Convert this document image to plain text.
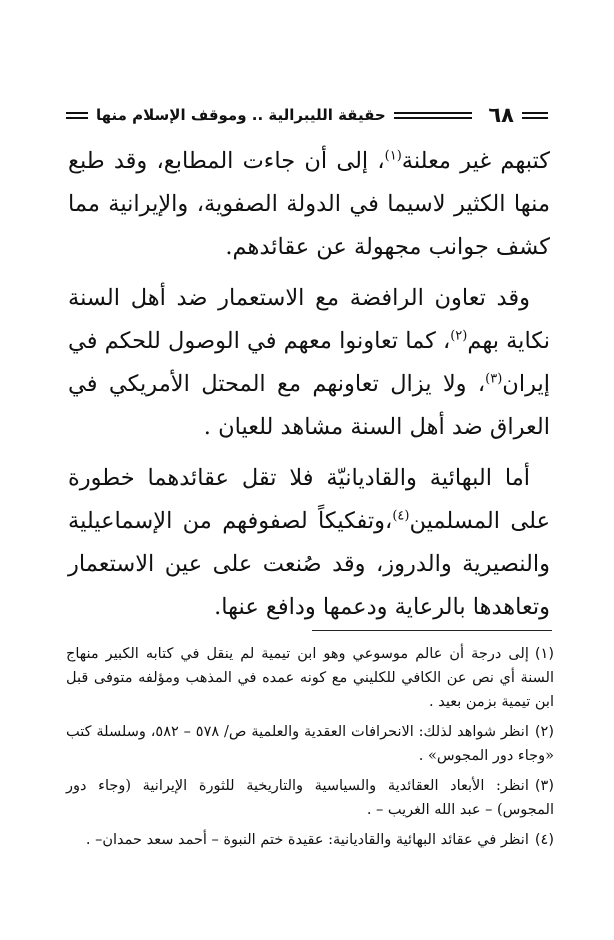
٦٨
حقيقة الليبرالية .. وموقف الإسلام منها

كتبهم غير معلنة$^{(١)}$، إلى أن جاءت المطابع، وقد طبع منها الكثير لاسيما في الدولة الصفوية، والإيرانية مما كشف جوانب مجهولة عن عقائدهم.

وقد تعاون الرافضة مع الاستعمار ضد أهل السنة نكاية بهم$^{(٢)}$، كما تعاونوا معهم في الوصول للحكم في إيران$^{(٣)}$، ولا يزال تعاونهم مع المحتل الأمريكي في العراق ضد أهل السنة مشاهد للعيان .

أما البهائية والقاديانيّة فلا تقل عقائدهما خطورة على المسلمين$^{(٤)}$،وتفكيكاً لصفوفهم من الإسماعيلية والنصيرية والدروز، وقد صُنعت على عين الاستعمار وتعاهدها بالرعاية ودعمها ودافع عنها.

(١)إلى درجة أن عالم موسوعي وهو ابن تيمية لم ينقل في كتابه الكبير منهاج السنة أي نص عن الكافي للكليني مع كونه عمده في المذهب ومؤلفه متوفى قبل ابن تيمية بزمن بعيد .

(٢)انظر شواهد لذلك: الانحرافات العقدية والعلمية ص/ ٥٧٨ – ٥٨٢، وسلسلة كتب «وجاء دور المجوس» .

(٣)انظر: الأبعاد العقائدية والسياسية والتاريخية للثورة الإيرانية (وجاء دور المجوس) – عبد الله الغريب – .

(٤)انظر في عقائد البهائية والقاديانية: عقيدة ختم النبوة – أحمد سعد حمدان– .
